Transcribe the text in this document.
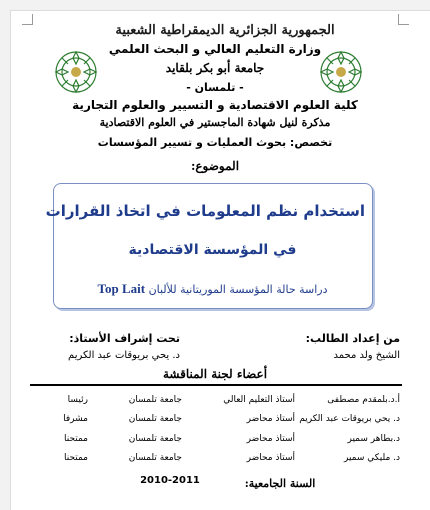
الجمهورية الجزائرية الديمقراطية الشعبية
وزارة التعليم العالي و البحث العلمي
جامعة أبو بكر بلقايد
- تلمسان -
كلية العلوم الاقتصادية و التسيير والعلوم التجارية
مذكرة لنيل شهادة الماجستير في العلوم الاقتصادية
تخصص: بحوث العمليات و تسيير المؤسسات
الموضوع:
استخدام نظم المعلومات في اتخاذ القرارات
في المؤسسة الاقتصادية
دراسة حالة المؤسسة الموريتانية للألبان Top Lait
من إعداد الطالب:
الشيخ ولد محمد
تحت إشراف الأستاذ:
د. يحي بريوقات عبد الكريم
أعضاء لجنة المناقشة
أ.د.بلمقدم مصطفى
أستاذ التعليم العالي
جامعة تلمسان
رئيسا
د. يحي بريوقات عبد الكريم
أستاذ محاضر
جامعة تلمسان
مشرفا
د.بطاهر سمير
أستاذ محاضر
جامعة تلمسان
ممتحنا
د. مليكي سمير
أستاذ محاضر
جامعة تلمسان
ممتحنا
السنة الجامعية:
2010-2011
